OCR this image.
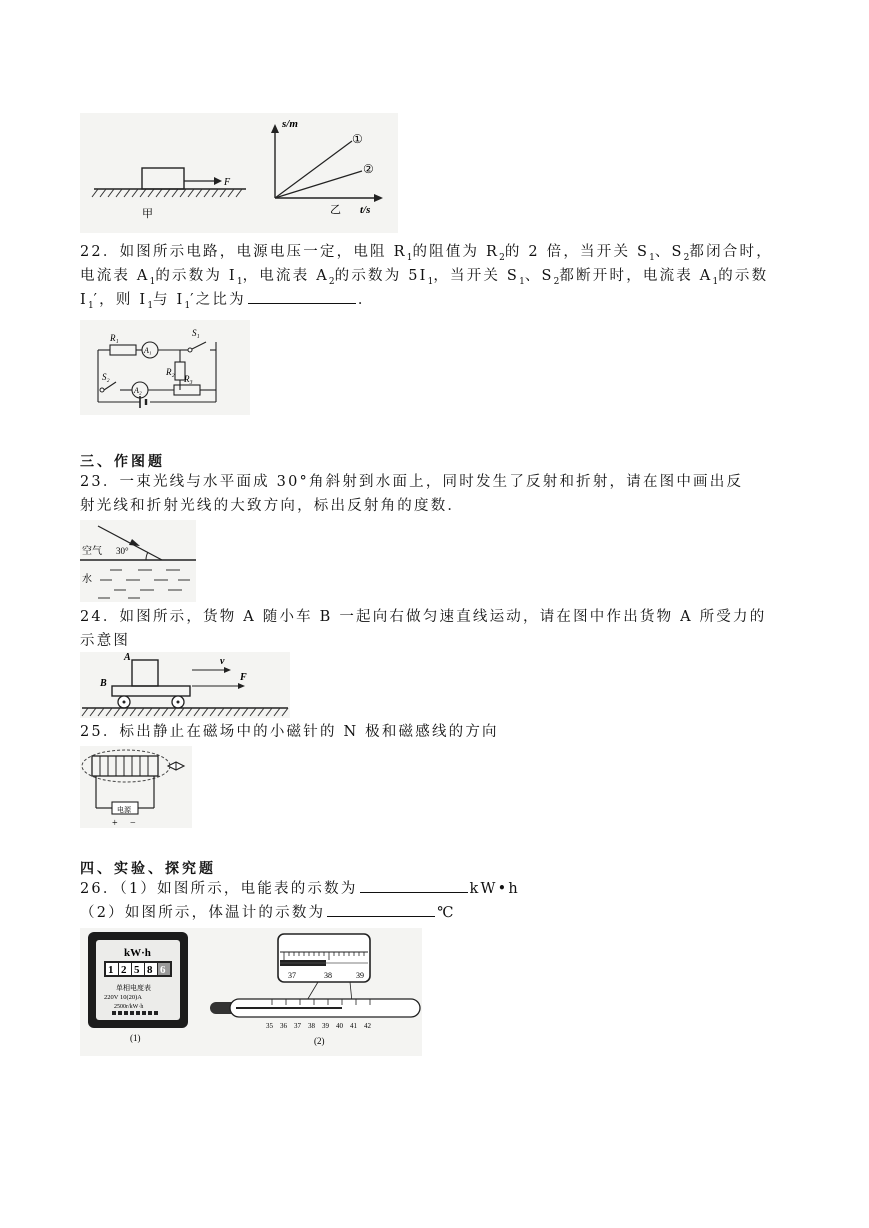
F
甲
s/m
t/s
①
②
乙
22．如图所示电路，电源电压一定，电阻 $R_1$的阻值为 $R_2$的 2 倍，当开关 $S_1$、$S_2$都闭合时，
电流表 $A_1$的示数为 $I_1$，电流表 $A_2$的示数为 $5I_1$，当开关 $S_1$、$S_2$都断开时，电流表 $A_1$的示数
$I_1'$，则 $I_1$与 $I_1'$之比为	．
R₁
A₁
S₁
R₂
S₂
A₂
R₃
三、作图题
23．一束光线与水平面成 30°角斜射到水面上，同时发生了反射和折射，请在图中画出反
射光线和折射光线的大致方向，标出反射角的度数．
空气 30°
水
24．如图所示，货物 A 随小车 B 一起向右做匀速直线运动，请在图中作出货物 A 所受力的
示意图
A
B
v
F
25．标出静止在磁场中的小磁针的 N 极和磁感线的方向
电源
+ −
四、实验、探究题
26．（1）如图所示，电能表的示数为	kW•h
（2）如图所示，体温计的示数为	℃
kW·h
1 2 5 8 6
单相电度表
220V 10(20)A
2500r/kW·h
(1)
37	38	39
35 36 37 38 39 40 41 42
(2)
